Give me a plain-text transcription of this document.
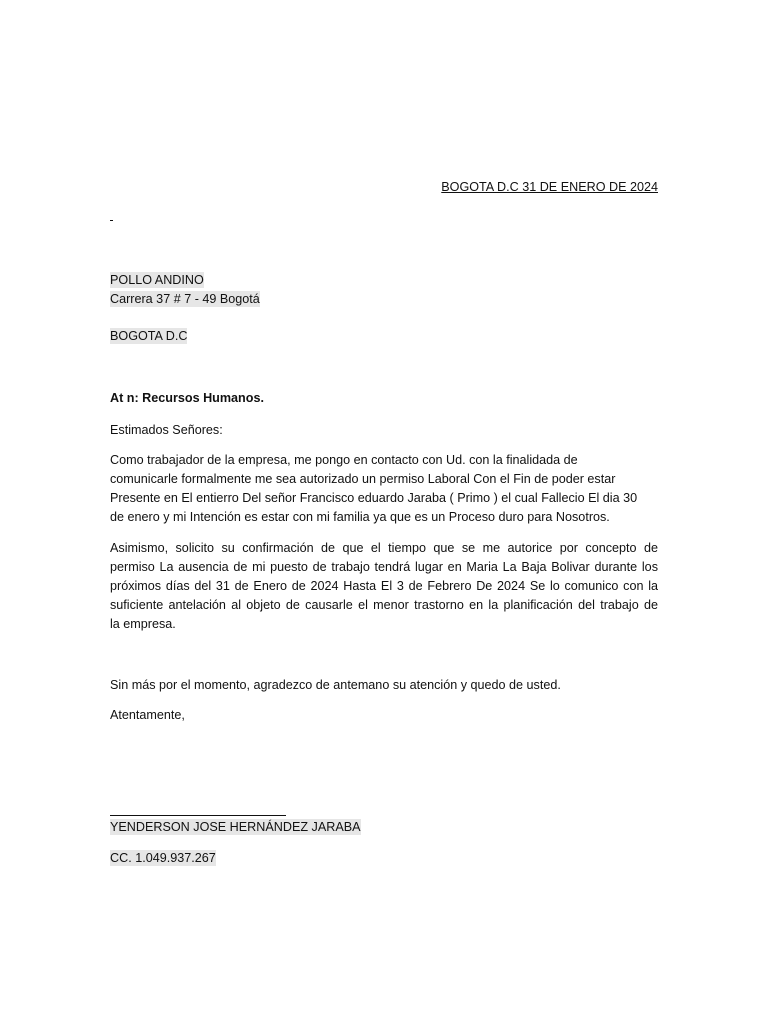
BOGOTA D.C 31 DE ENERO DE 2024
POLLO ANDINO
Carrera 37 # 7 - 49 Bogotá
BOGOTA D.C
At n: Recursos Humanos.
Estimados Señores:
Como trabajador de la empresa, me pongo en contacto con Ud. con la finalidada de
comunicarle formalmente me sea autorizado un permiso Laboral Con el Fin de poder estar
Presente en El entierro Del señor Francisco eduardo Jaraba ( Primo ) el cual Fallecio El dia 30
de enero y mi Intención es estar con mi familia ya que es un Proceso duro para Nosotros.
Asimismo, solicito su confirmación de que el tiempo que se me autorice por concepto de
permiso La ausencia de mi puesto de trabajo tendrá lugar en Maria La Baja Bolivar durante los
próximos días del 31 de Enero de 2024 Hasta El 3 de Febrero De 2024 Se lo comunico con la
suficiente antelación al objeto de causarle el menor trastorno en la planificación del trabajo de
la empresa.
Sin más por el momento, agradezco de antemano su atención y quedo de usted.
Atentamente,
YENDERSON JOSE HERNÁNDEZ JARABA
CC. 1.049.937.267
